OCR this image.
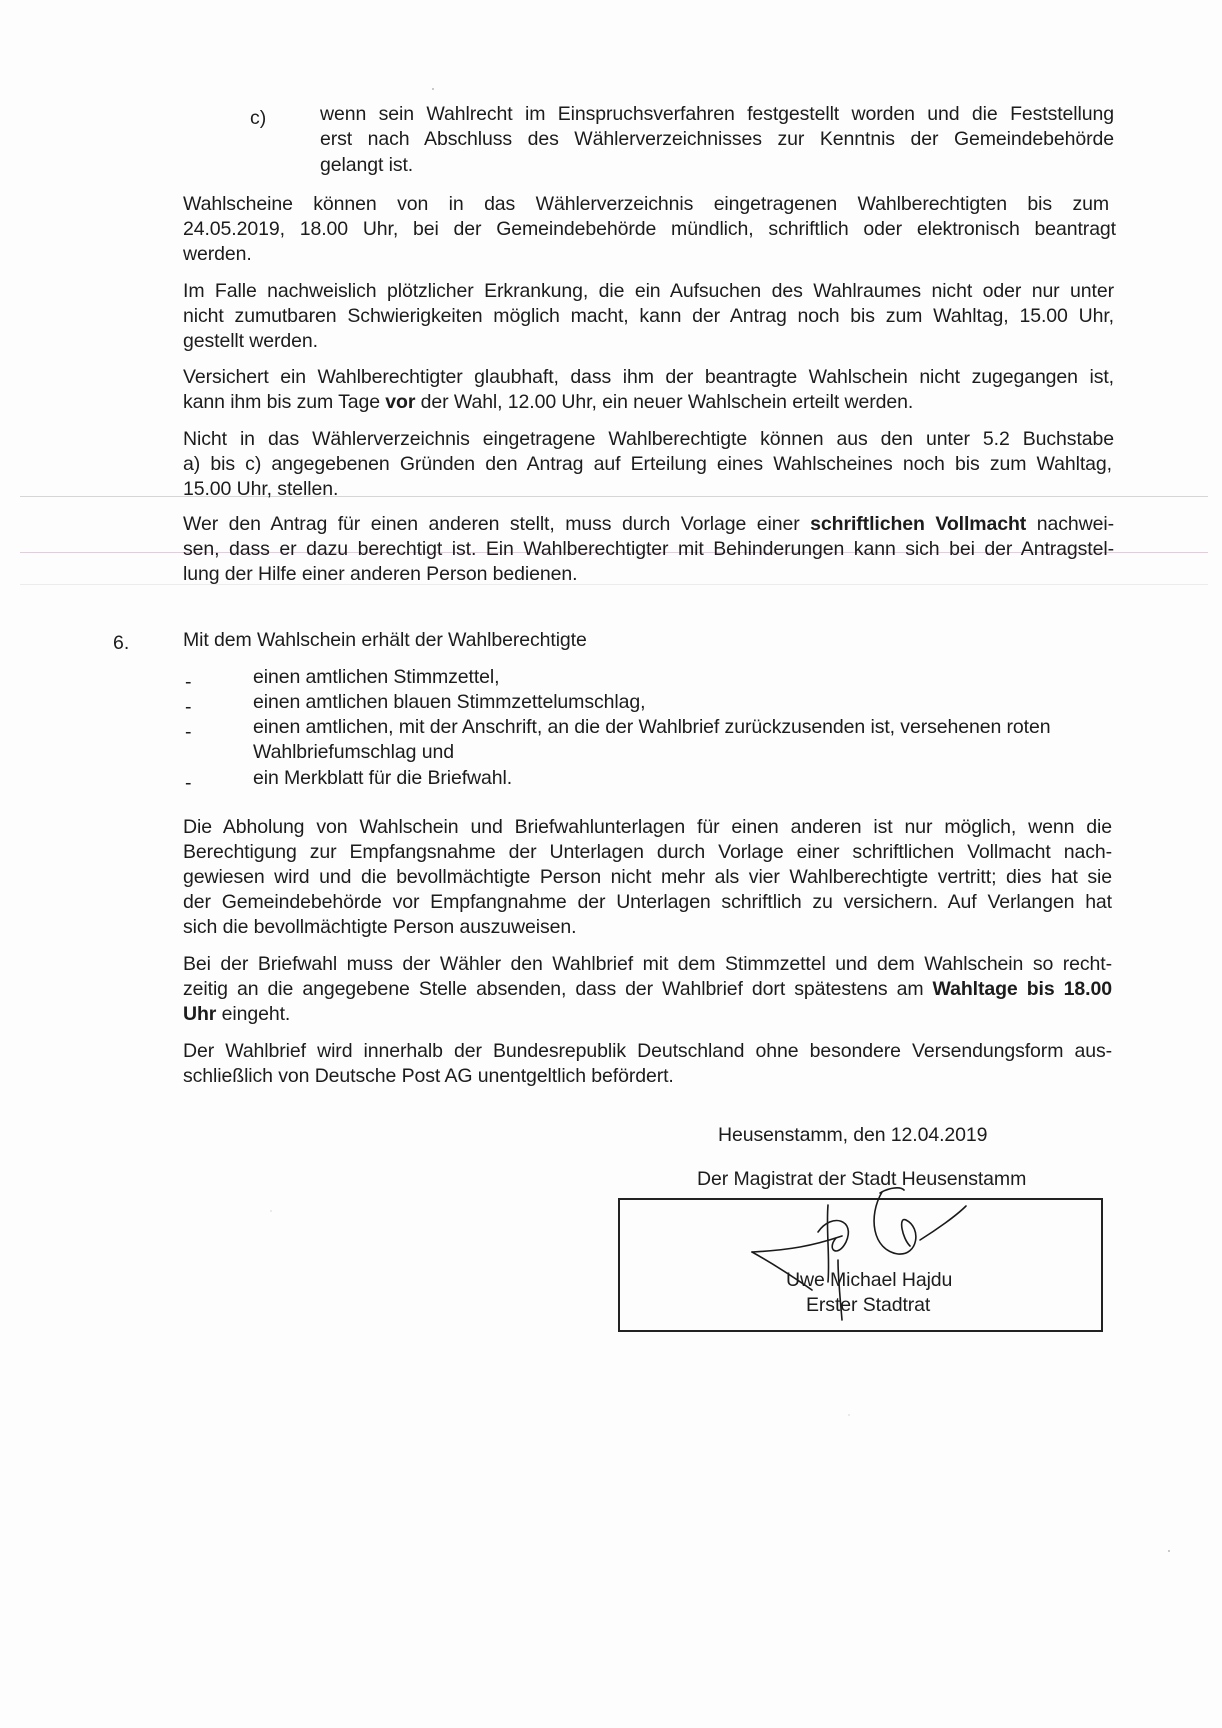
c)	wenn sein Wahlrecht im Einspruchsverfahren festgestellt worden und die Feststellung
erst nach Abschluss des Wählerverzeichnisses zur Kenntnis der Gemeindebehörde
gelangt ist.
Wahlscheine können von in das Wählerverzeichnis eingetragenen Wahlberechtigten bis zum
24.05.2019, 18.00 Uhr, bei der Gemeindebehörde mündlich, schriftlich oder elektronisch beantragt
werden.
Im Falle nachweislich plötzlicher Erkrankung, die ein Aufsuchen des Wahlraumes nicht oder nur unter
nicht zumutbaren Schwierigkeiten möglich macht, kann der Antrag noch bis zum Wahltag, 15.00 Uhr,
gestellt werden.
Versichert ein Wahlberechtigter glaubhaft, dass ihm der beantragte Wahlschein nicht zugegangen ist,
kann ihm bis zum Tage vor der Wahl, 12.00 Uhr, ein neuer Wahlschein erteilt werden.
Nicht in das Wählerverzeichnis eingetragene Wahlberechtigte können aus den unter 5.2 Buchstabe
a) bis c) angegebenen Gründen den Antrag auf Erteilung eines Wahlscheines noch bis zum Wahltag,
15.00 Uhr, stellen.
Wer den Antrag für einen anderen stellt, muss durch Vorlage einer schriftlichen Vollmacht nachwei-
sen, dass er dazu berechtigt ist. Ein Wahlberechtigter mit Behinderungen kann sich bei der Antragstel-
lung der Hilfe einer anderen Person bedienen.
6.	Mit dem Wahlschein erhält der Wahlberechtigte
-	einen amtlichen Stimmzettel,
-	einen amtlichen blauen Stimmzettelumschlag,
-	einen amtlichen, mit der Anschrift, an die der Wahlbrief zurückzusenden ist, versehenen roten
Wahlbriefumschlag und
-	ein Merkblatt für die Briefwahl.
Die Abholung von Wahlschein und Briefwahlunterlagen für einen anderen ist nur möglich, wenn die
Berechtigung zur Empfangsnahme der Unterlagen durch Vorlage einer schriftlichen Vollmacht nach-
gewiesen wird und die bevollmächtigte Person nicht mehr als vier Wahlberechtigte vertritt; dies hat sie
der Gemeindebehörde vor Empfangnahme der Unterlagen schriftlich zu versichern. Auf Verlangen hat
sich die bevollmächtigte Person auszuweisen.
Bei der Briefwahl muss der Wähler den Wahlbrief mit dem Stimmzettel und dem Wahlschein so recht-
zeitig an die angegebene Stelle absenden, dass der Wahlbrief dort spätestens am Wahltage bis 18.00
Uhr eingeht.
Der Wahlbrief wird innerhalb der Bundesrepublik Deutschland ohne besondere Versendungsform aus-
schließlich von Deutsche Post AG unentgeltlich befördert.
Heusenstamm, den 12.04.2019
Der Magistrat der Stadt Heusenstamm
Uwe Michael Hajdu
Erster Stadtrat
